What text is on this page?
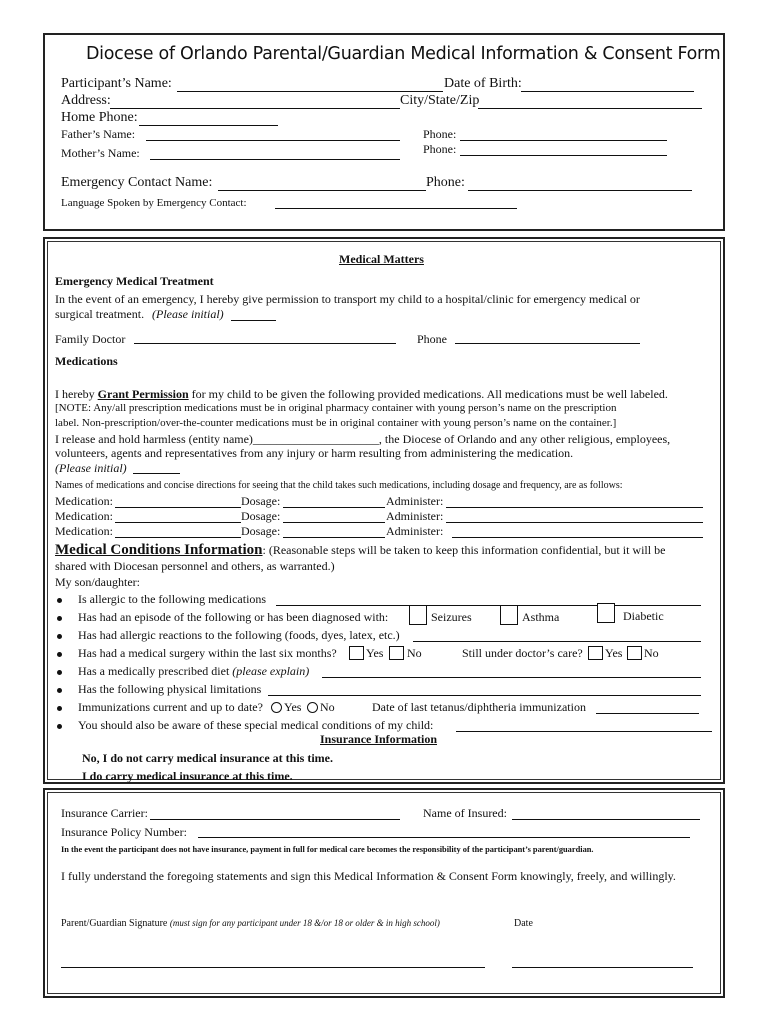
Diocese of Orlando Parental/Guardian Medical Information & Consent Form
Participant’s Name:	Date of Birth:
Address:	City/State/Zip
Home Phone:
Father’s Name:	Phone:
Mother’s Name:	Phone:
Emergency Contact Name:	Phone:
Language Spoken by Emergency Contact:
Medical Matters
Emergency Medical Treatment
In the event of an emergency, I hereby give permission to transport my child to a hospital/clinic for emergency medical or
surgical treatment. (Please initial)
Family Doctor	Phone
Medications
I hereby Grant Permission for my child to be given the following provided medications. All medications must be well labeled.
[NOTE: Any/all prescription medications must be in original pharmacy container with young person’s name on the prescription
label. Non-prescription/over-the-counter medications must be in original container with young person’s name on the container.]
I release and hold harmless (entity name)_____________________, the Diocese of Orlando and any other religious, employees,
volunteers, agents and representatives from any injury or harm resulting from administering the medication.
(Please initial)
Names of medications and concise directions for seeing that the child takes such medications, including dosage and frequency, are as follows:
Medication:	Dosage:	Administer:
Medication:	Dosage:	Administer:
Medication:	Dosage:	Administer:
Medical Conditions Information: (Reasonable steps will be taken to keep this information confidential, but it will be
shared with Diocesan personnel and others, as warranted.)
My son/daughter:
Is allergic to the following medications
Has had an episode of the following or has been diagnosed with:	Seizures	Asthma	Diabetic
Has had allergic reactions to the following (foods, dyes, latex, etc.)
Has had a medical surgery within the last six months? Yes No	Still under doctor’s care? Yes No
Has a medically prescribed diet (please explain)
Has the following physical limitations
Immunizations current and up to date? Yes No	Date of last tetanus/diphtheria immunization
You should also be aware of these special medical conditions of my child:
Insurance Information
No, I do not carry medical insurance at this time.
I do carry medical insurance at this time.
Insurance Carrier:	Name of Insured:
Insurance Policy Number:
In the event the participant does not have insurance, payment in full for medical care becomes the responsibility of the participant’s parent/guardian.
I fully understand the foregoing statements and sign this Medical Information & Consent Form knowingly, freely, and willingly.
Parent/Guardian Signature (must sign for any participant under 18 &/or 18 or older & in high school)	Date
